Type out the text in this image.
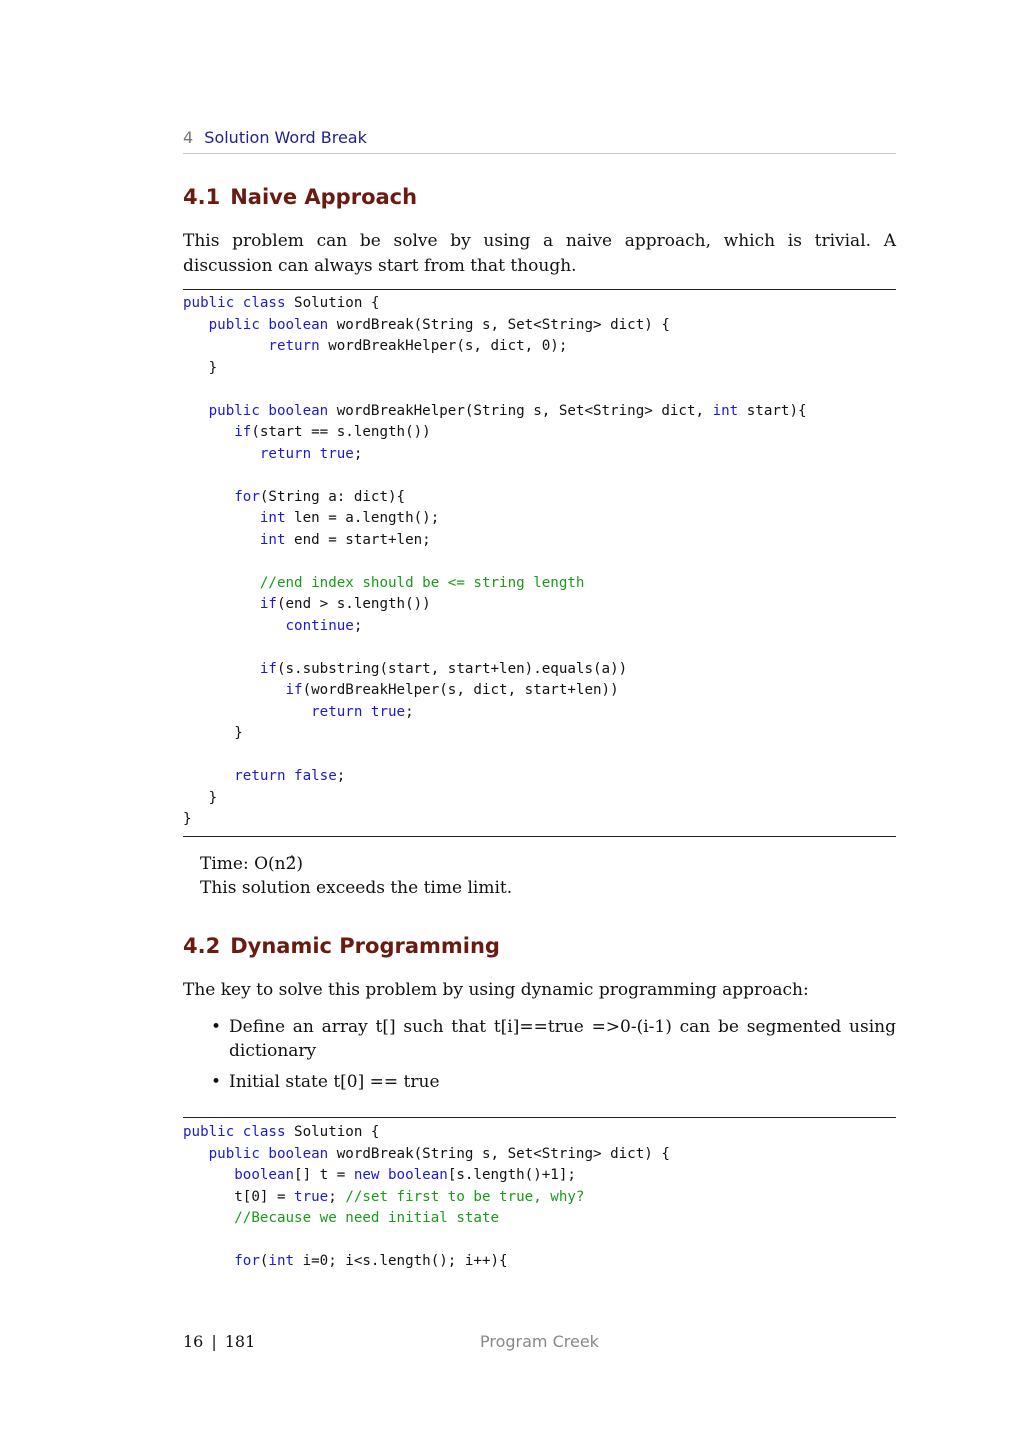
4 Solution Word Break
4.1 Naive Approach

This problem can be solve by using a naive approach, which is trivial. A discussion can always start from that though.

public class Solution {
public boolean wordBreak(String s, Set<String> dict) {
return wordBreakHelper(s, dict, 0);
}

public boolean wordBreakHelper(String s, Set<String> dict, int start){
if(start == s.length())
return true;

for(String a: dict){
int len = a.length();
int end = start+len;

//end index should be <= string length
if(end > s.length())
continue;

if(s.substring(start, start+len).equals(a))
if(wordBreakHelper(s, dict, start+len))
return true;
}

return false;
}
}
Time: O(n2̂)
This solution exceeds the time limit.
4.2 Dynamic Programming

The key to solve this problem by using dynamic programming approach:

• Define an array t[] such that t[i]==true =>0-(i-1) can be segmented using dictionary
• Initial state t[0] == true
public class Solution {
public boolean wordBreak(String s, Set<String> dict) {
boolean[] t = new boolean[s.length()+1];
t[0] = true; //set first to be true, why?
//Because we need initial state

for(int i=0; i<s.length(); i++){
16 | 181	Program Creek
